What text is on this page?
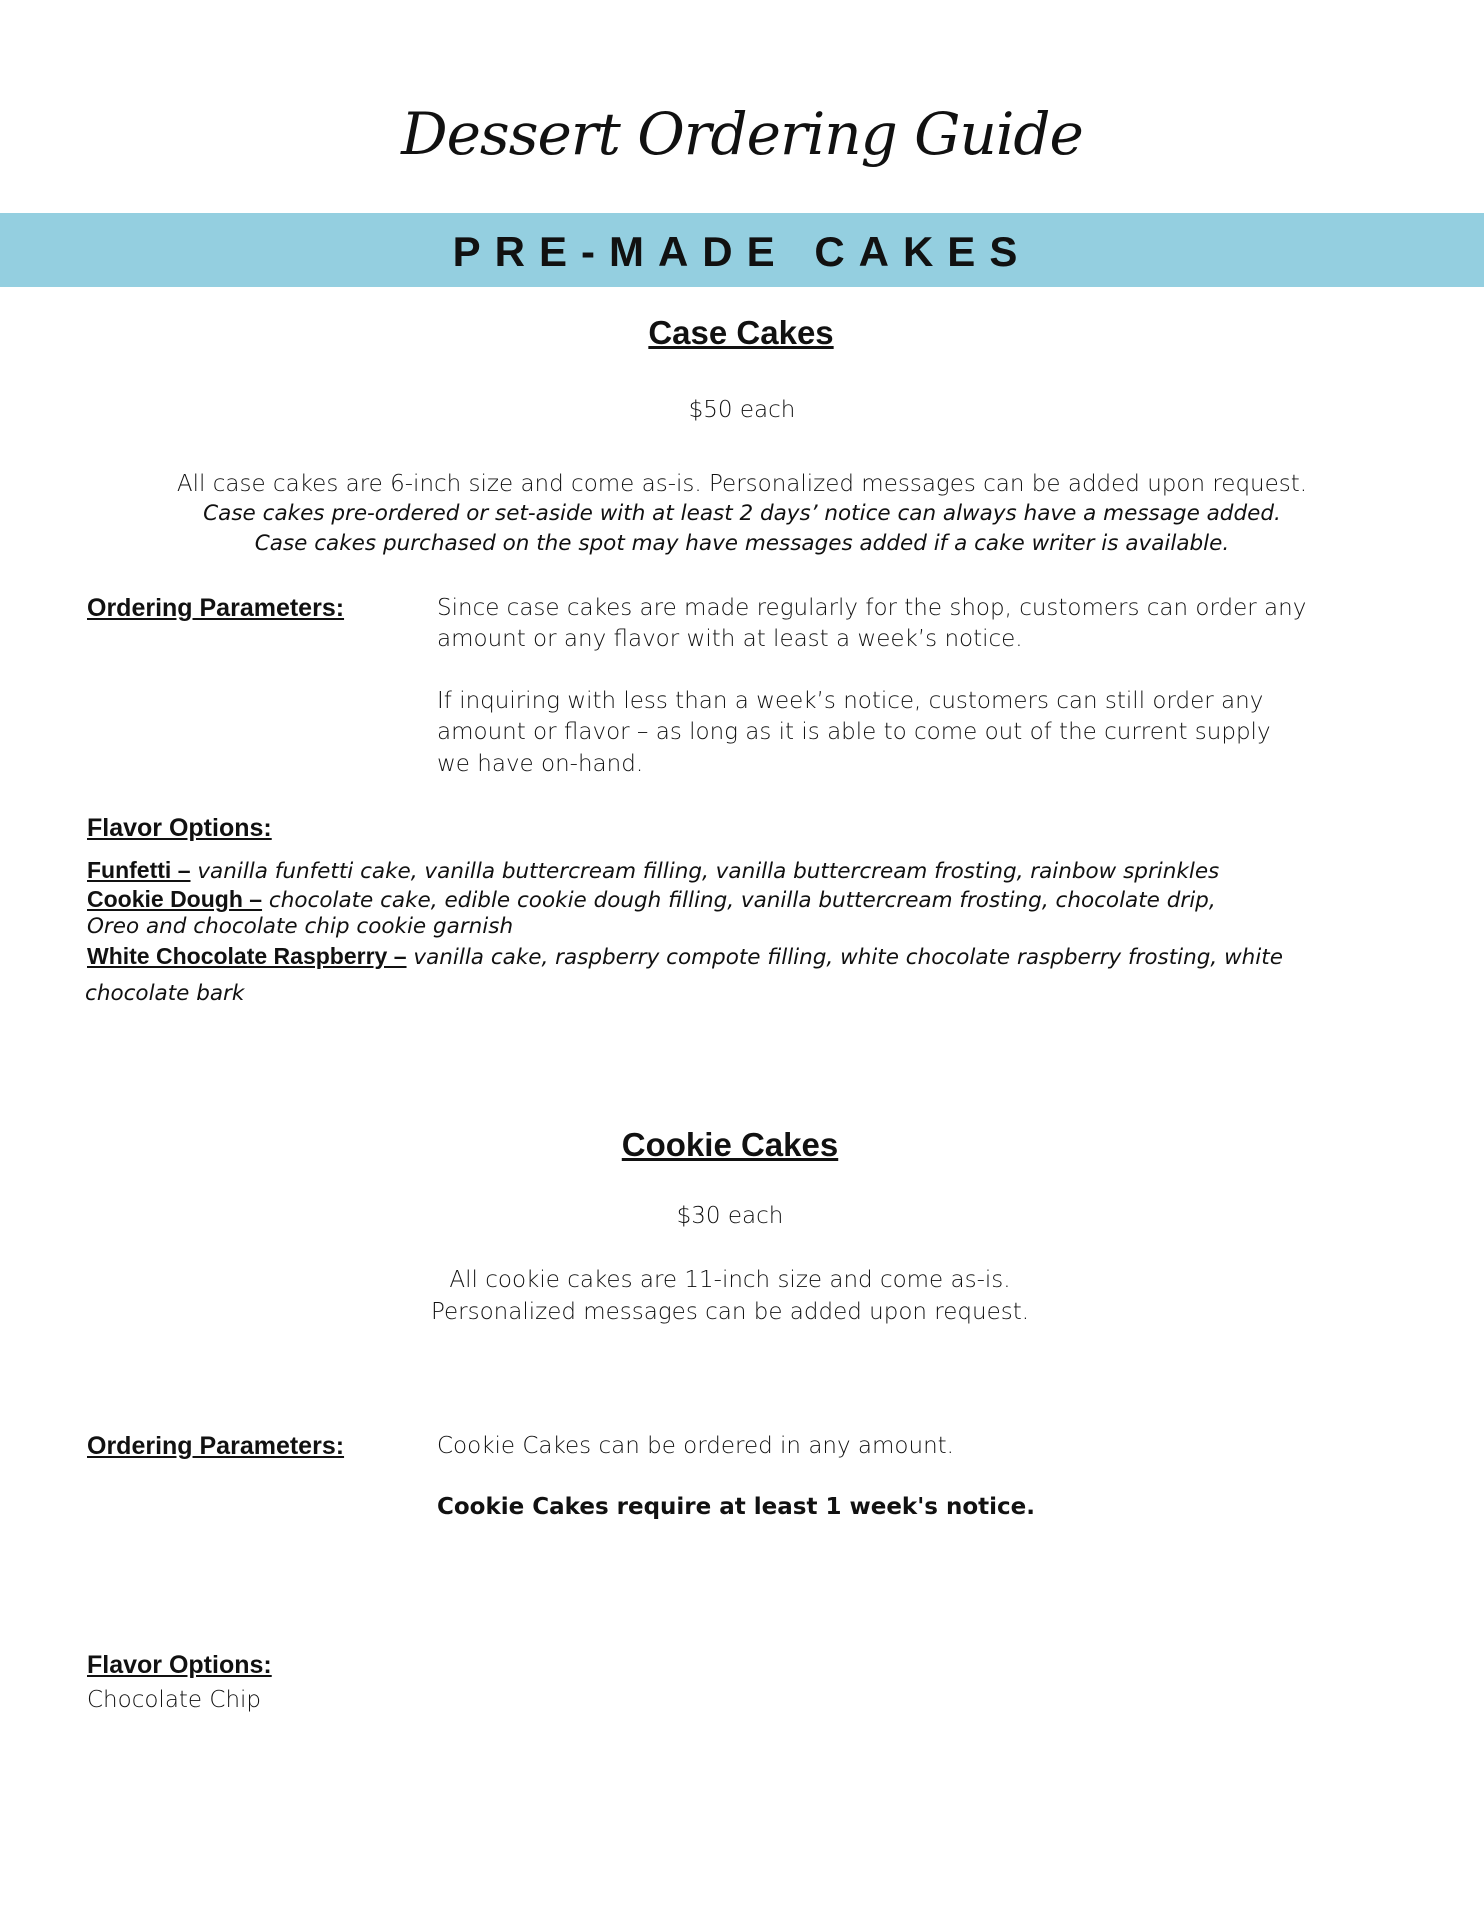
Dessert Ordering Guide
PRE-MADE CAKES
Case Cakes
$50 each
All case cakes are 6-inch size and come as-is. Personalized messages can be added upon request.
Case cakes pre-ordered or set-aside with at least 2 days’ notice can always have a message added.
Case cakes purchased on the spot may have messages added if a cake writer is available.
Ordering Parameters:	Since case cakes are made regularly for the shop, customers can order any
amount or any flavor with at least a week’s notice.
If inquiring with less than a week’s notice, customers can still order any
amount or flavor – as long as it is able to come out of the current supply
we have on-hand.
Flavor Options:
Funfetti – vanilla funfetti cake, vanilla buttercream filling, vanilla buttercream frosting, rainbow sprinkles
Cookie Dough – chocolate cake, edible cookie dough filling, vanilla buttercream frosting, chocolate drip,
Oreo and chocolate chip cookie garnish
White Chocolate Raspberry – vanilla cake, raspberry compote filling, white chocolate raspberry frosting, white
chocolate bark
Cookie Cakes
$30 each
All cookie cakes are 11-inch size and come as-is.
Personalized messages can be added upon request.
Ordering Parameters:	Cookie Cakes can be ordered in any amount.
Cookie Cakes require at least 1 week's notice.
Flavor Options:
Chocolate Chip
